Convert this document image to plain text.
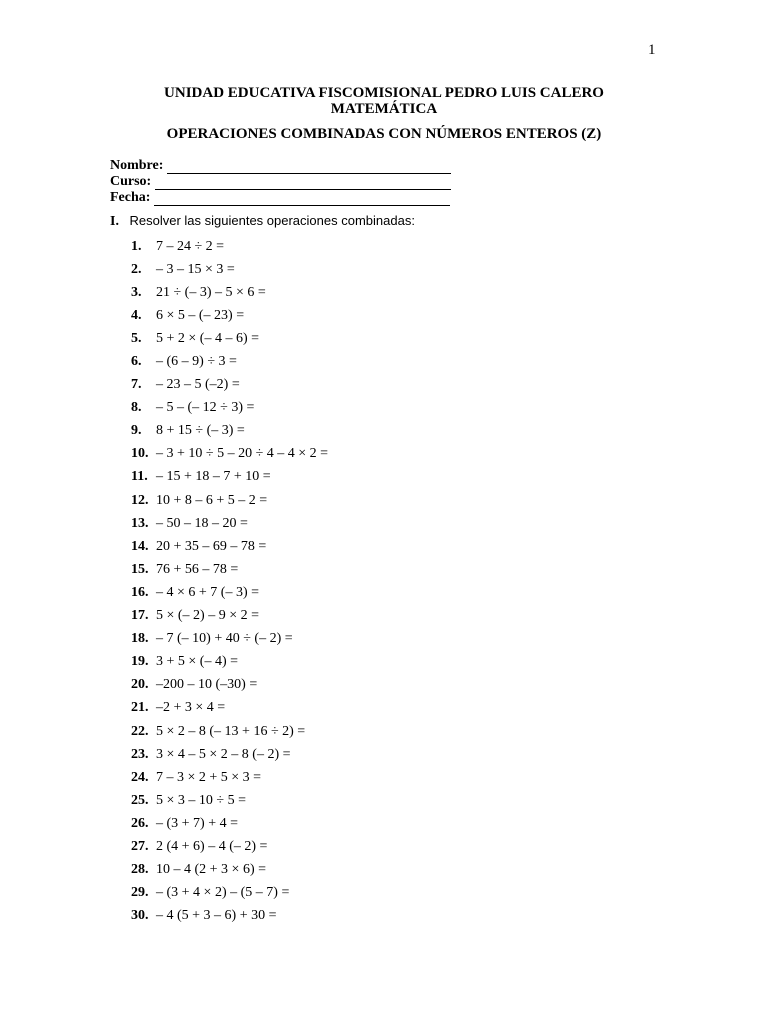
1
UNIDAD EDUCATIVA FISCOMISIONAL PEDRO LUIS CALERO
MATEMÁTICA
OPERACIONES COMBINADAS CON NÚMEROS ENTEROS (Z)
Nombre:
Curso:
Fecha:
I. Resolver las siguientes operaciones combinadas:
1.	7 – 24 ÷ 2 =
2.	– 3 – 15 × 3 =
3.	21 ÷ (– 3) – 5 × 6 =
4.	6 × 5 – (– 23) =
5.	5 + 2 × (– 4 – 6) =
6.	– (6 – 9) ÷ 3 =
7.	– 23 – 5 (–2) =
8.	– 5 – (– 12 ÷ 3) =
9.	8 + 15 ÷ (– 3) =
10. – 3 + 10 ÷ 5 – 20 ÷ 4 – 4 × 2 =
11. – 15 + 18 – 7 + 10 =
12. 10 + 8 – 6 + 5 – 2 =
13. – 50 – 18 – 20 =
14. 20 + 35 – 69 – 78 =
15. 76 + 56 – 78 =
16. – 4 × 6 + 7 (– 3) =
17. 5 × (– 2) – 9 × 2 =
18. – 7 (– 10) + 40 ÷ (– 2) =
19. 3 + 5 × (– 4) =
20. –200 – 10 (–30) =
21. –2 + 3 × 4 =
22. 5 × 2 – 8 (– 13 + 16 ÷ 2) =
23. 3 × 4 – 5 × 2 – 8 (– 2) =
24. 7 – 3 × 2 + 5 × 3 =
25. 5 × 3 – 10 ÷ 5 =
26. – (3 + 7) + 4 =
27. 2 (4 + 6) – 4 (– 2) =
28. 10 – 4 (2 + 3 × 6) =
29. – (3 + 4 × 2) – (5 – 7) =
30. – 4 (5 + 3 – 6) + 30 =
